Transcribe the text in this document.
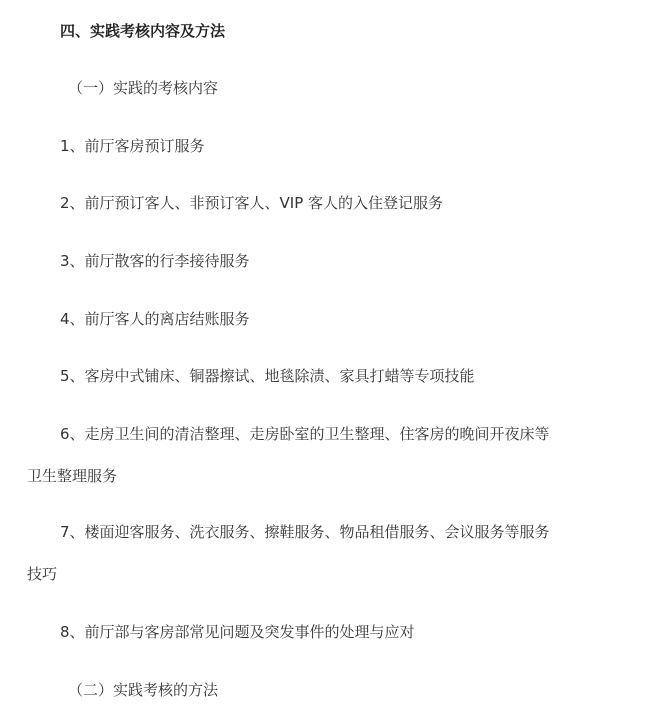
四、实践考核内容及方法
（一）实践的考核内容
1、前厅客房预订服务
2、前厅预订客人、非预订客人、VIP 客人的入住登记服务
3、前厅散客的行李接待服务
4、前厅客人的离店结账服务
5、客房中式铺床、铜器擦试、地毯除渍、家具打蜡等专项技能
6、走房卫生间的清洁整理、走房卧室的卫生整理、住客房的晚间开夜床等
卫生整理服务
7、楼面迎客服务、洗衣服务、擦鞋服务、物品租借服务、会议服务等服务
技巧
8、前厅部与客房部常见问题及突发事件的处理与应对
（二）实践考核的方法
